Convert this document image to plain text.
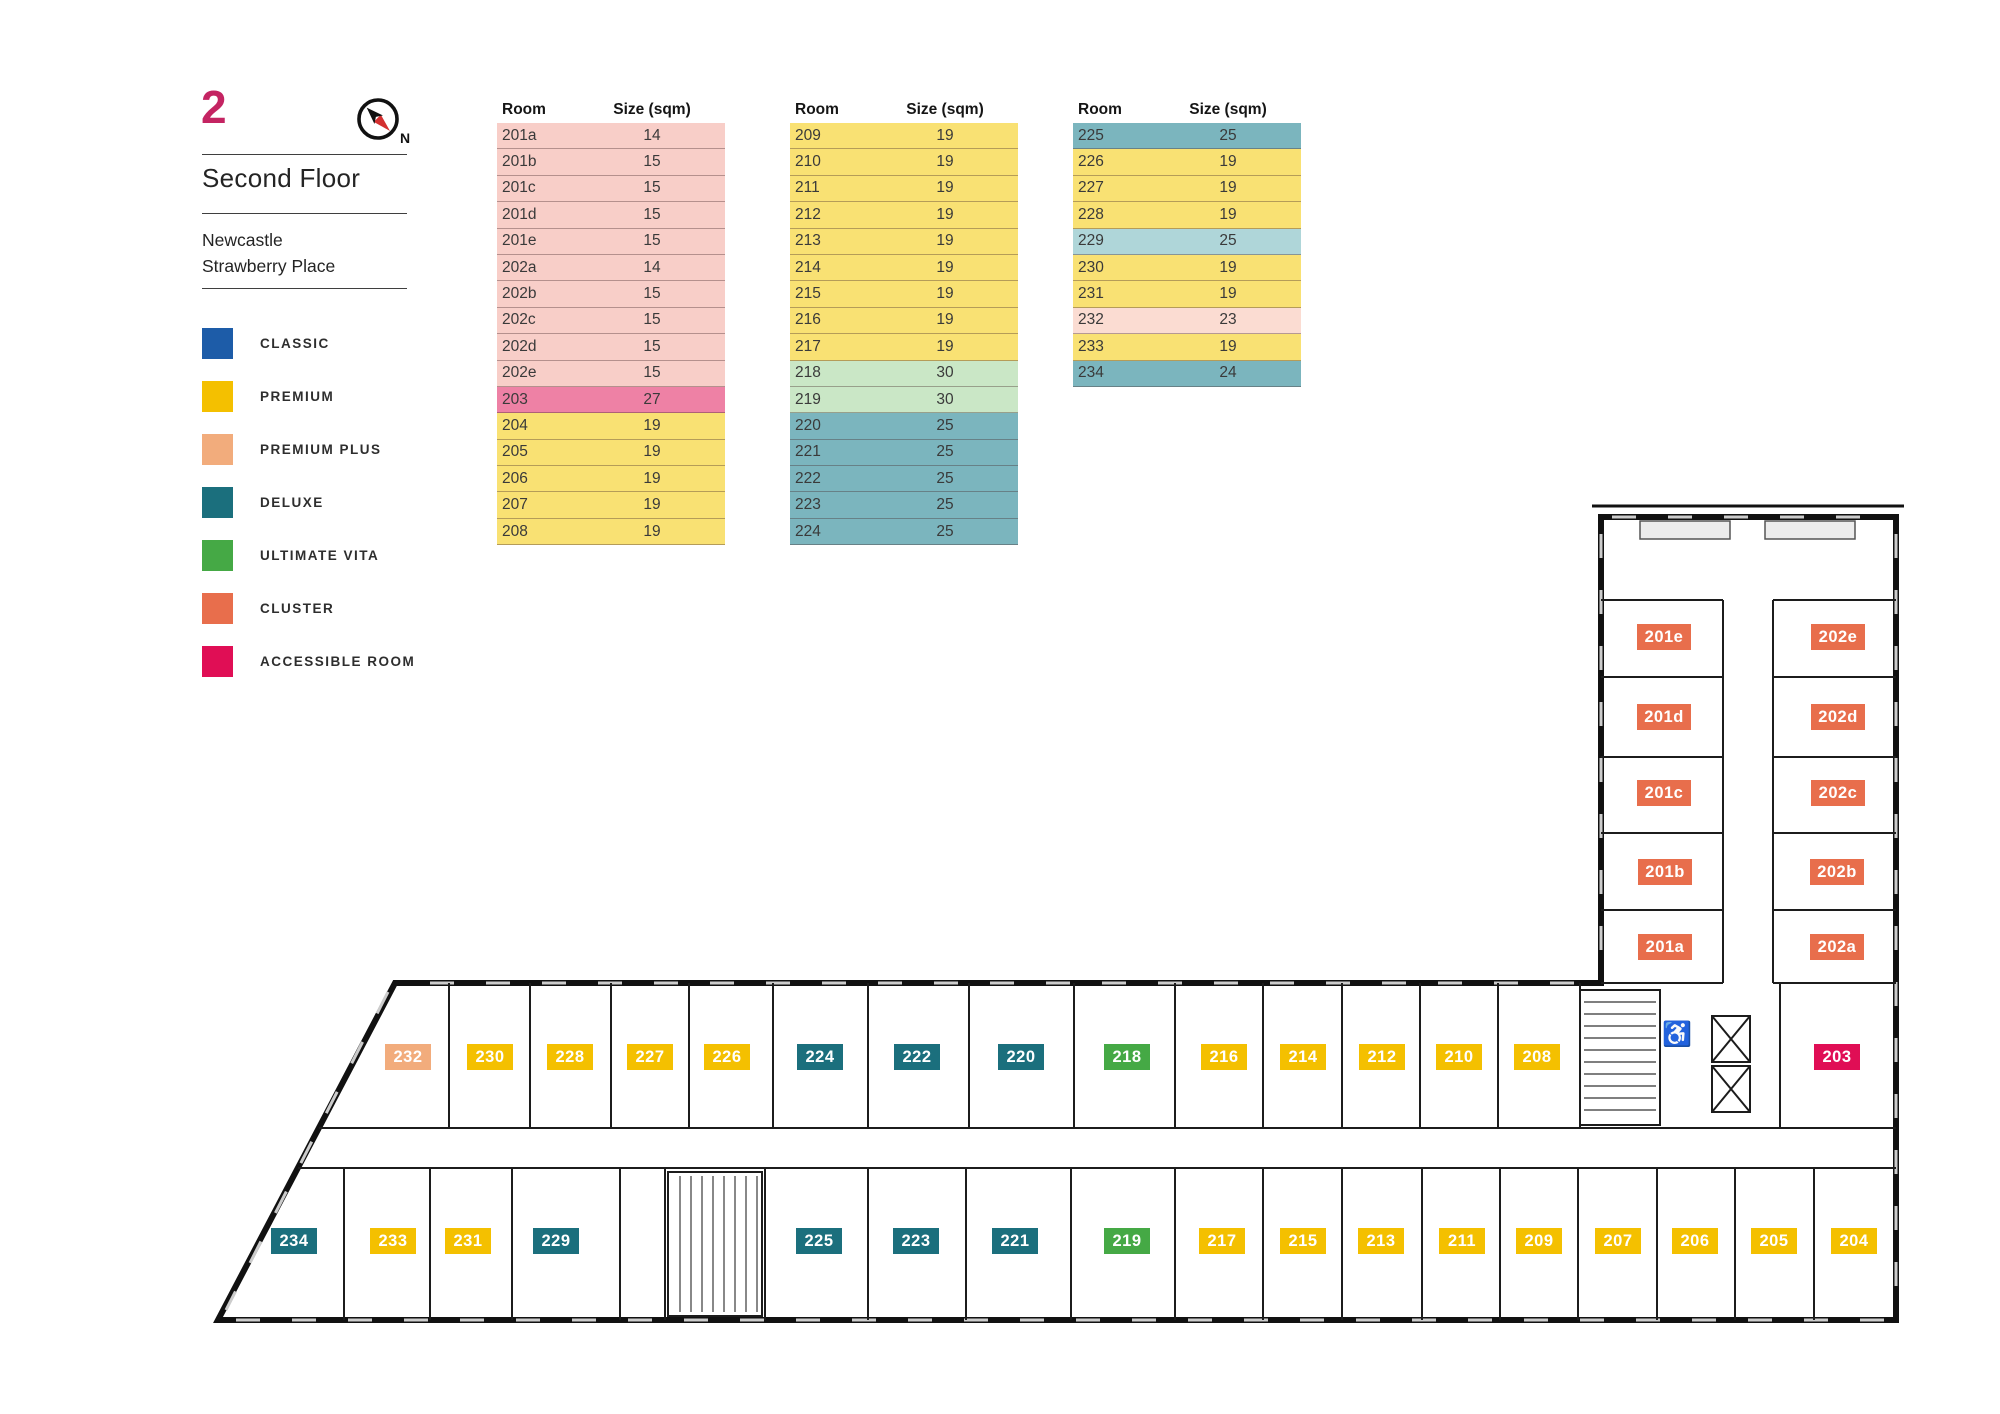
2
N
Second Floor
Newcastle
Strawberry Place
CLASSIC
PREMIUM
PREMIUM PLUS
DELUXE
ULTIMATE VITA
CLUSTER
ACCESSIBLE ROOM
Room	Size (sqm)
201a	14
201b	15
201c	15
201d	15
201e	15
202a	14
202b	15
202c	15
202d	15
202e	15
203	27
204	19
205	19
206	19
207	19
208	19
Room	Size (sqm)
209	19
210	19
211	19
212	19
213	19
214	19
215	19
216	19
217	19
218	30
219	30
220	25
221	25
222	25
223	25
224	25
Room	Size (sqm)
225	25
226	19
227	19
228	19
229	25
230	19
231	19
232	23
233	19
234	24
♿
232	230	228	227	226	224	222	220	218	216	214	212	210	208	203
234	233	231	229	225	223	221	219	217	215	213	211	209	207	206	205	204
201e	202e
201d	202d
201c	202c
201b	202b
201a	202a
